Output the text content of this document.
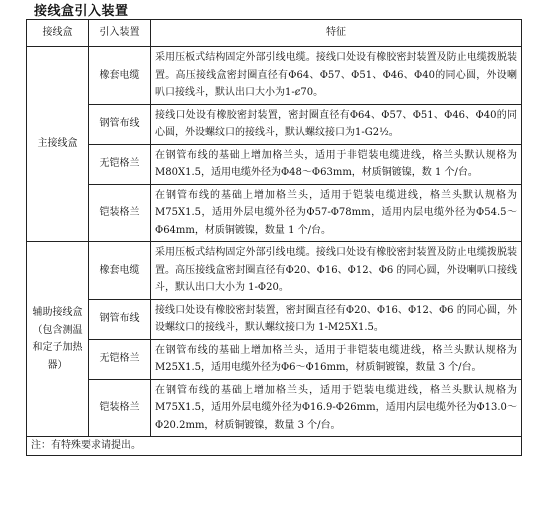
接线盒引入装置
接线盒	引入装置	特征
主接线盒	橡套电缆	采用压板式结构固定外部引线电缆。接线口处设有橡胶密封装置及防止电缆拨脱装置。高压接线盒密封圈直径有Φ64、Φ57、Φ51、Φ46、Φ40的同心圆，外设喇叭口接线斗，默认出口大小为1-ȼ70。
	钢管布线	接线口处设有橡胶密封装置，密封圈直径有Φ64、Φ57、Φ51、Φ46、Φ40的同心圆，外设螺纹口的接线斗，默认螺纹接口为1-G2½。
	无铠格兰	在钢管布线的基础上增加格兰头，适用于非铠装电缆进线，格兰头默认规格为 M80X1.5，适用电缆外径为Φ48～Φ63mm，材质铜镀镍，数 1 个/台。
	铠装格兰	在钢管布线的基础上增加格兰头，适用于铠装电缆进线，格兰头默认规格为 M75X1.5，适用外层电缆外径为Φ57-Φ78mm，适用内层电缆外径为Φ54.5～Φ64mm，材质铜镀镍，数量 1 个/台。
辅助接线盒（包含测温和定子加热器）	橡套电缆	采用压板式结构固定外部引线电缆。接线口处设有橡胶密封装置及防止电缆拨脱装置。高压接线盒密封圈直径有Φ20、Φ16、Φ12、Φ6 的同心圆，外设喇叭口接线斗，默认出口大小为 1-Φ20。
	钢管布线	接线口处设有橡胶密封装置，密封圈直径有Φ20、Φ16、Φ12、Φ6 的同心圆，外设螺纹口的接线斗，默认螺纹接口为 1-M25X1.5。
	无铠格兰	在钢管布线的基础上增加格兰头，适用于非铠装电缆进线，格兰头默认规格为 M25X1.5，适用电缆外径为Φ6～Φ16mm，材质铜镀镍，数量 3 个/台。
	铠装格兰	在钢管布线的基础上增加格兰头，适用于铠装电缆进线，格兰头默认规格为 M75X1.5，适用外层电缆外径为Φ16.9-Φ26mm，适用内层电缆外径为Φ13.0～Φ20.2mm，材质铜镀镍，数量 3 个/台。
注：有特殊要求请提出。		
